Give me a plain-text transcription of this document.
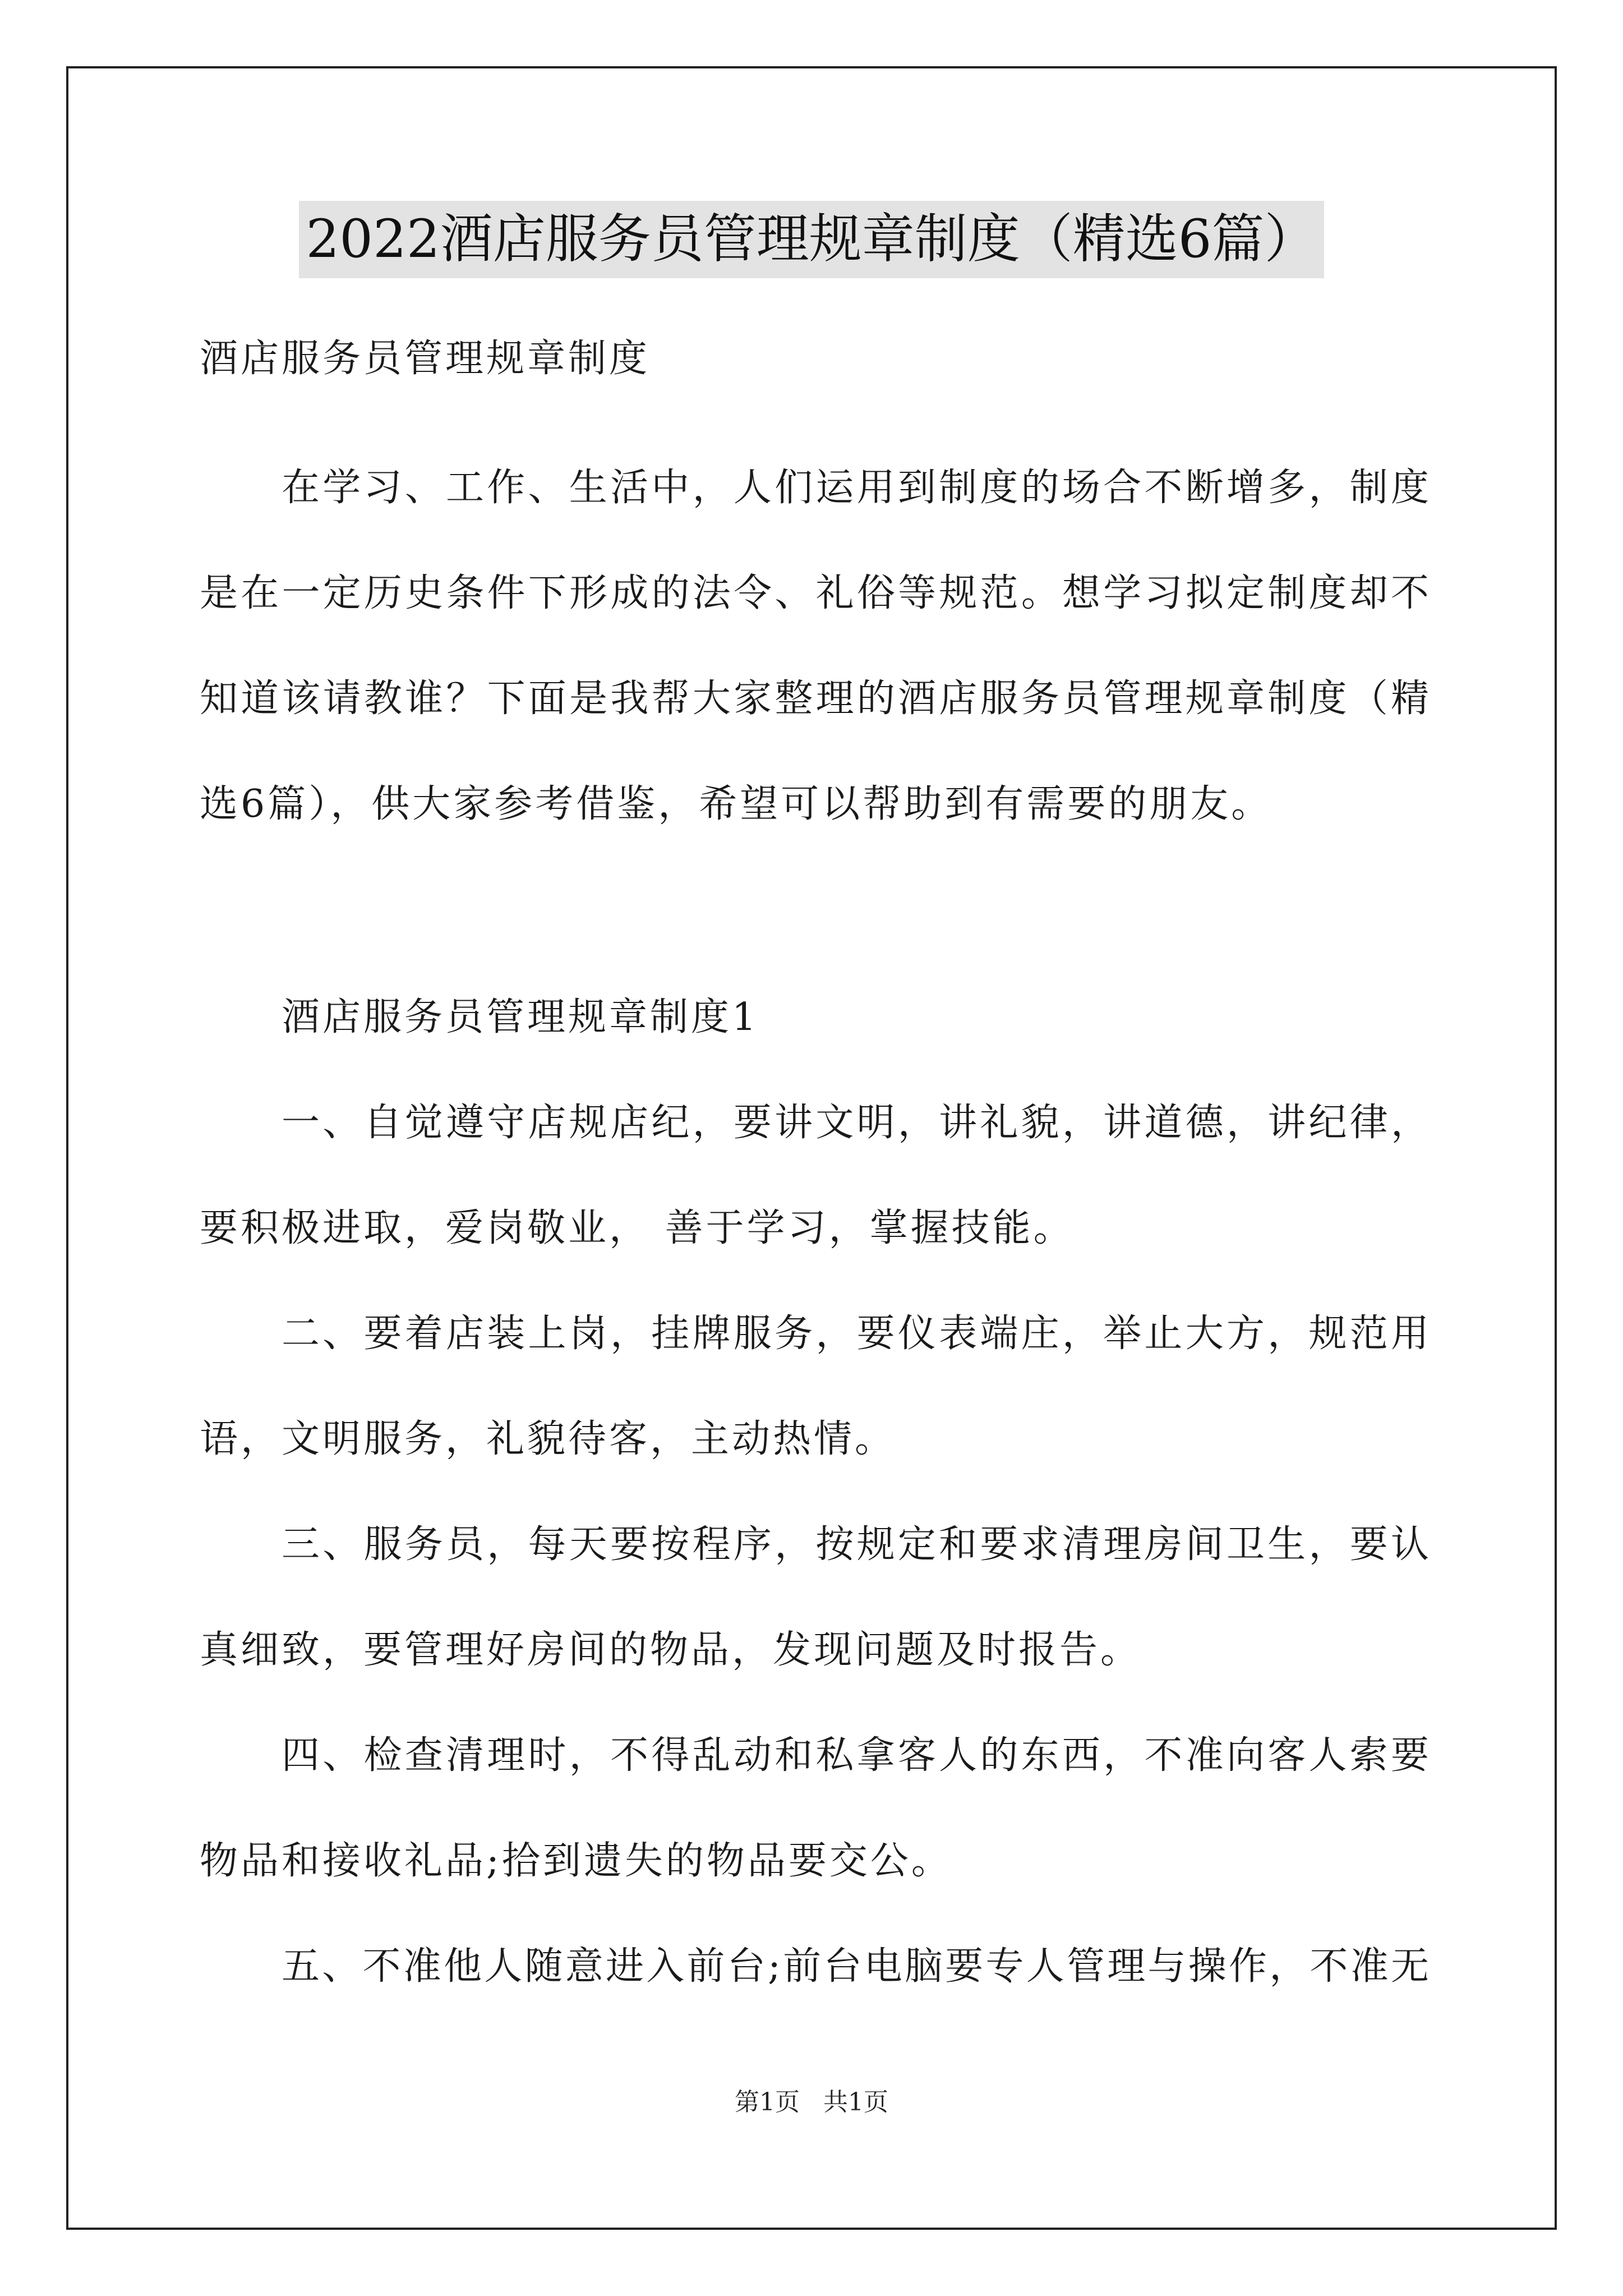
2022酒店服务员管理规章制度（精选6篇）
酒店服务员管理规章制度
在学习、工作、生活中，人们运用到制度的场合不断增多，制度
是在一定历史条件下形成的法令、礼俗等规范。想学习拟定制度却不
知道该请教谁？下面是我帮大家整理的酒店服务员管理规章制度（精
选6篇），供大家参考借鉴，希望可以帮助到有需要的朋友。
酒店服务员管理规章制度1
一、自觉遵守店规店纪，要讲文明，讲礼貌，讲道德，讲纪律，
要积极进取，爱岗敬业， 善于学习，掌握技能。
二、要着店装上岗，挂牌服务，要仪表端庄，举止大方，规范用
语，文明服务，礼貌待客，主动热情。
三、服务员，每天要按程序，按规定和要求清理房间卫生，要认
真细致，要管理好房间的物品，发现问题及时报告。
四、检查清理时，不得乱动和私拿客人的东西，不准向客人索要
物品和接收礼品;拾到遗失的物品要交公。
五、不准他人随意进入前台;前台电脑要专人管理与操作，不准无
第1页   共1页
